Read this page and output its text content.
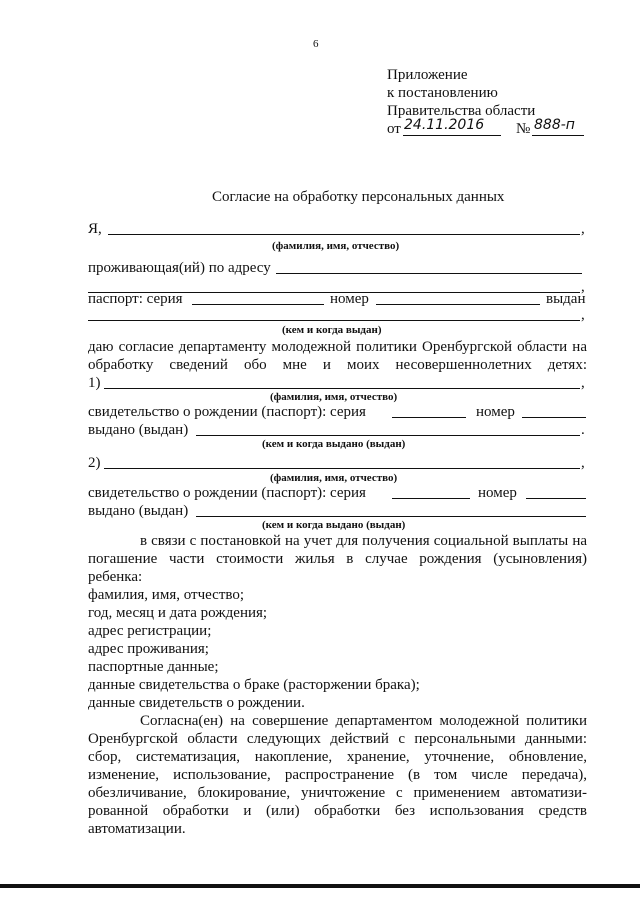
6
Приложение
к постановлению
Правительства области
от 24.11.2016 № 888-п
Согласие на обработку персональных данных
Я,	,
(фамилия, имя, отчество)
проживающая(ий) по адресу
,
паспорт: серия	номер	выдан
,
(кем и когда выдан)
даю согласие департаменту молодежной политики Оренбургской области на
обработку сведений обо мне и моих несовершеннолетних детях:
1)	,
(фамилия, имя, отчество)
свидетельство о рождении (паспорт): серия	номер
выдано (выдан)	.
(кем и когда выдано (выдан)
2)	,
(фамилия, имя, отчество)
свидетельство о рождении (паспорт): серия	номер
выдано (выдан)
(кем и когда выдано (выдан)
в связи с постановкой на учет для получения социальной выплаты на
погашение части стоимости жилья в случае рождения (усыновления)
ребенка:
фамилия, имя, отчество;
год, месяц и дата рождения;
адрес регистрации;
адрес проживания;
паспортные данные;
данные свидетельства о браке (расторжении брака);
данные свидетельств о рождении.
Согласна(ен) на совершение департаментом молодежной политики
Оренбургской области следующих действий с персональными данными:
сбор, систематизация, накопление, хранение, уточнение, обновление,
изменение, использование, распространение (в том числе передача),
обезличивание, блокирование, уничтожение с применением автоматизи-
рованной обработки и (или) обработки без использования средств
автоматизации.
